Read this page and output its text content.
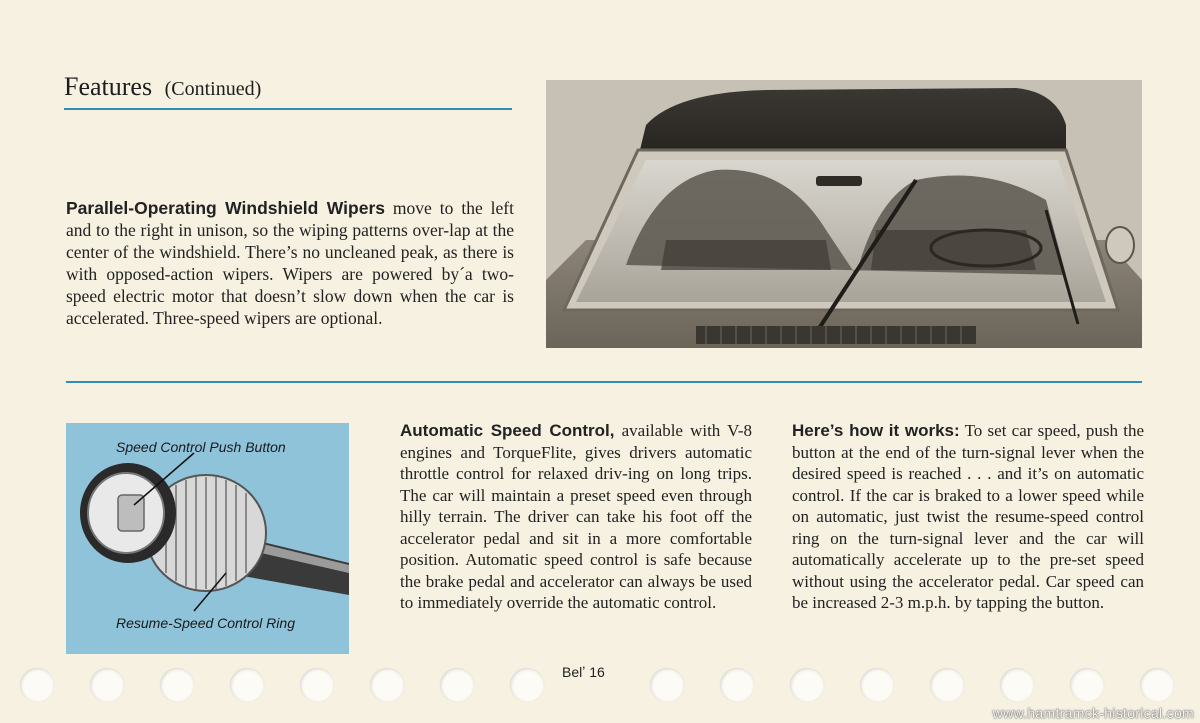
Features (Continued)

Parallel-Operating Windshield Wipers move to the left and to the right in unison, so the wiping patterns over-lap at the center of the windshield. There’s no uncleaned peak, as there is with opposed-action wipers. Wipers are powered by´a two-speed electric motor that doesn’t slow down when the car is accelerated. Three-speed wipers are optional.

Speed Control Push Button
Resume-Speed Control Ring

Automatic Speed Control, available with V-8 engines and TorqueFlite, gives drivers automatic throttle control for relaxed driv-ing on long trips. The car will maintain a preset speed even through hilly terrain. The driver can take his foot off the accelerator pedal and sit in a more comfortable position. Automatic speed control is safe because the brake pedal and accelerator can always be used to immediately override the automatic control.

Here’s how it works: To set car speed, push the button at the end of the turn-signal lever when the desired speed is reached . . . and it’s on automatic control. If the car is braked to a lower speed while on automatic, just twist the resume-speed control ring on the turn-signal lever and the car will automatically accelerate up to the pre-set speed without using the accelerator pedal. Car speed can be increased 2-3 m.p.h. by tapping the button.

Belʼ 16
www.hamtramck-historical.com
